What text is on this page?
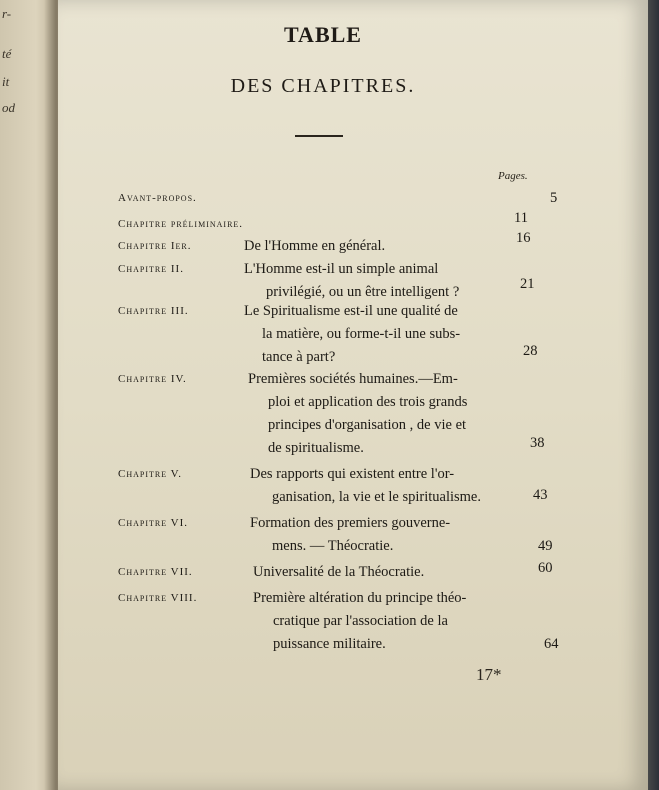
r-
té
it
od
TABLE
DES CHAPITRES.
Pages.
Avant-propos.	5
Chapitre préliminaire.	11
Chapitre Ier.	De l'Homme en général.	16
Chapitre II.	L'Homme est-il un simple animal
privilégié, ou un être intelligent ?	21
Chapitre III.	Le Spiritualisme est-il une qualité de
la matière, ou forme-t-il une subs-
tance à part?	28
Chapitre IV.	Premières sociétés humaines.—Em-
ploi et application des trois grands
principes d'organisation , de vie et
de spiritualisme.	38
Chapitre V.	Des rapports qui existent entre l'or-
ganisation, la vie et le spiritualisme.	43
Chapitre VI.	Formation des premiers gouverne-
mens. — Théocratie.	49
Chapitre VII.	Universalité de la Théocratie.	60
Chapitre VIII.	Première altération du principe théo-
cratique par l'association de la
puissance militaire.	64
17*
